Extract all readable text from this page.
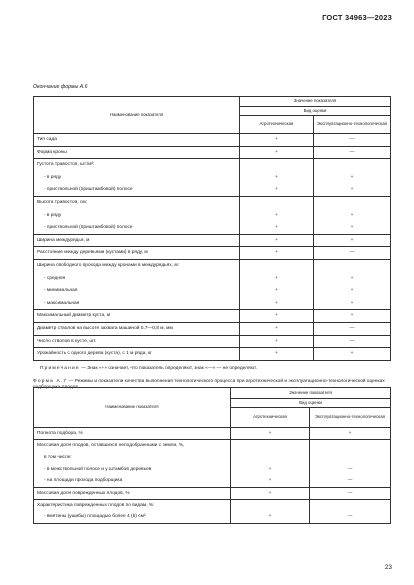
ГОСТ 34963—2023
Окончание формы А.6
Наименование показателя	Значение показателя	
	Вид оценки	
	Агротехническая	Эксплуатационно-технологическая
Тип сада	+	—
Форма кроны	+	—
Густота травостоя, шт./м²:		
- в ряду	+	+
- приствольной (приштамбовой) полосе	+	+
Высота травостоя, см:		
- в ряду	+	+
- приствольной (приштамбовой) полосе	+	+
Ширина междурядья, м	+	+
Расстояние между деревьями (кустами) в ряду, м	+	—
Ширина свободного прохода между кронами в междурядьях, м:		
- средняя	+	+
- минимальная	+	+
- максимальная	+	+
Максимальный диаметр куста, м	+	+
Диаметр стволов на высоте захвата машиной 0,7—0,8 м, мм	+	—
Число стволов в кусте, шт.	+	—
Урожайность с одного дерева (куста), с 1 м ряда, кг	+	+
Примечание — Знак «+» означает, что показатель определяют, знак «—» — не определяют.
Форма А.7 — Режимы и показатели качества выполнения технологического процесса при агротехнической и эксплуатационно-технологической оценках подборщика плодов
Наименование показателя	Значение показателя	
	Вид оценки	
	Агротехническая	Эксплуатационно-технологическая
Полнота подбора, %	+	+
Массовая доля плодов, оставшихся неподобранными с земли, %,		
в том числе:		
- в межствольной полосе и у штамбов деревьев	+	—
- на площади прохода подборщика	+	—
Массовая доля поврежденных плодов, %	+	—
Характеристика поврежденных плодов по видам, %:		
- вмятины (ушибы) площадью более 4 (5) см²	+	—
23
